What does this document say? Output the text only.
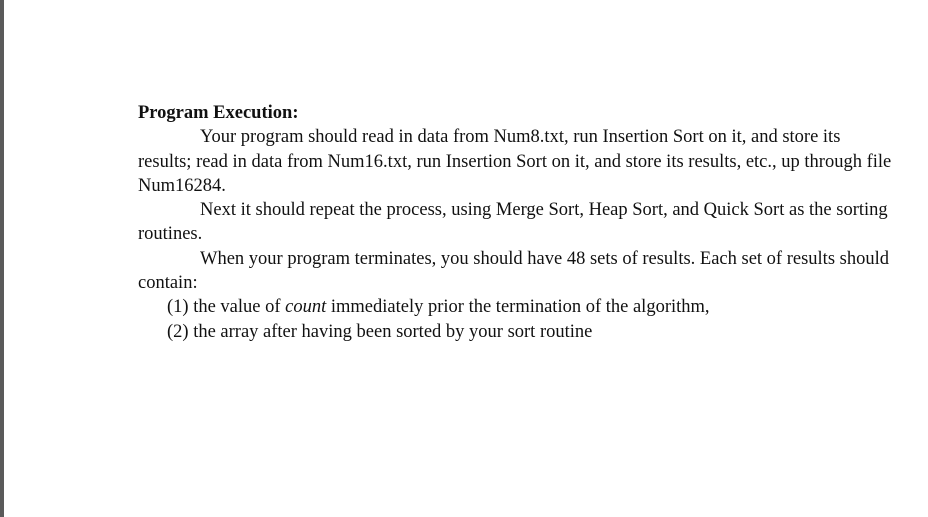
Program Execution:

Your program should read in data from Num8.txt, run Insertion Sort on it, and store its results; read in data from Num16.txt, run Insertion Sort on it, and store its results, etc., up through file Num16284.

Next it should repeat the process, using Merge Sort, Heap Sort, and Quick Sort as the sorting routines.

When your program terminates, you should have 48 sets of results. Each set of results should contain:

(1) the value of count immediately prior the termination of the algorithm,

(2) the array after having been sorted by your sort routine
